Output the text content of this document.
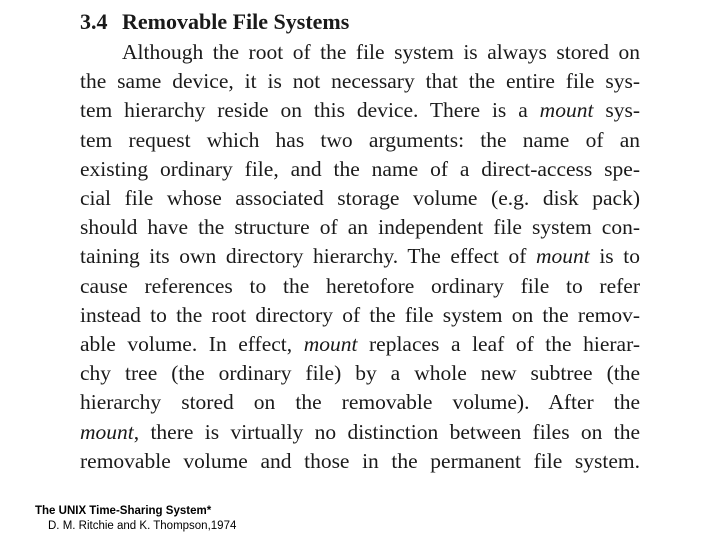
3.4 Removable File Systems
Although the root of the file system is always stored on
the same device, it is not necessary that the entire file sys-
tem hierarchy reside on this device. There is a mount sys-
tem request which has two arguments: the name of an
existing ordinary file, and the name of a direct-access spe-
cial file whose associated storage volume (e.g. disk pack)
should have the structure of an independent file system con-
taining its own directory hierarchy. The effect of mount is to
cause references to the heretofore ordinary file to refer
instead to the root directory of the file system on the remov-
able volume. In effect, mount replaces a leaf of the hierar-
chy tree (the ordinary file) by a whole new subtree (the
hierarchy stored on the removable volume). After the
mount, there is virtually no distinction between files on the
removable volume and those in the permanent file system.
The UNIX Time-Sharing System*
D. M. Ritchie and K. Thompson,1974
